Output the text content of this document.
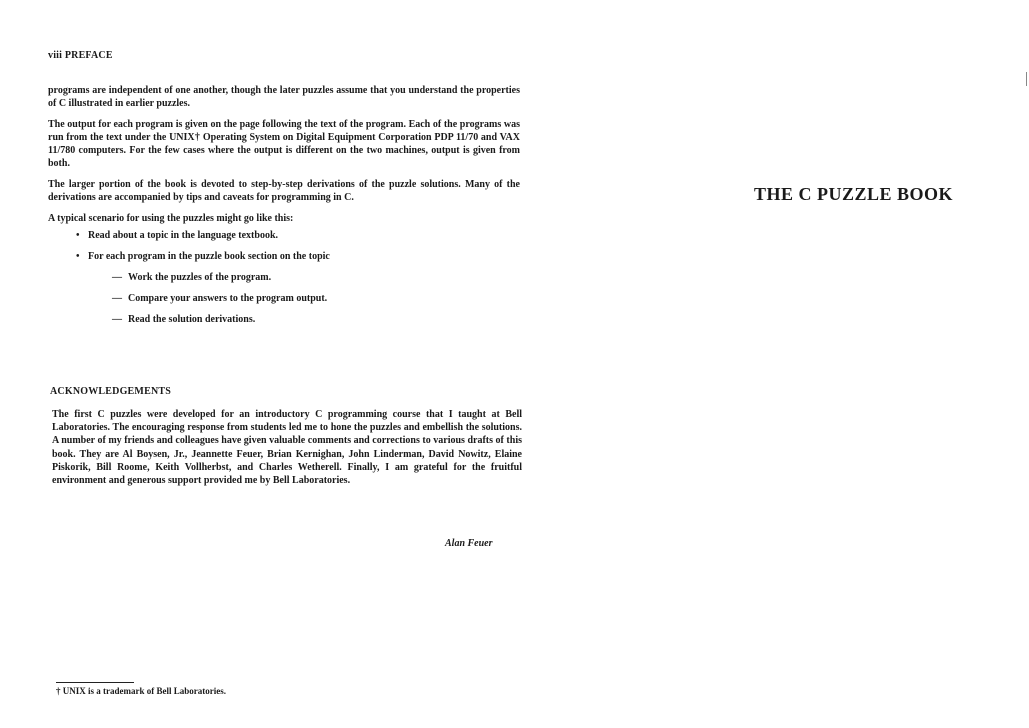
viii PREFACE

programs are independent of one another, though the later puzzles assume that you understand the properties of C illustrated in earlier puzzles.

The output for each program is given on the page following the text of the program. Each of the programs was run from the text under the UNIX† Operating System on Digital Equipment Corporation PDP 11/70 and VAX 11/780 computers. For the few cases where the output is different on the two machines, output is given from both.

The larger portion of the book is devoted to step-by-step derivations of the puzzle solutions. Many of the derivations are accompanied by tips and caveats for programming in C.

A typical scenario for using the puzzles might go like this:

• Read about a topic in the language textbook.
• For each program in the puzzle book section on the topic
— Work the puzzles of the program.
— Compare your answers to the program output.
— Read the solution derivations.
ACKNOWLEDGEMENTS
The first C puzzles were developed for an introductory C programming course that I taught at Bell Laboratories. The encouraging response from students led me to hone the puzzles and embellish the solutions. A number of my friends and colleagues have given valuable comments and corrections to various drafts of this book. They are Al Boysen, Jr., Jeannette Feuer, Brian Kernighan, John Linderman, David Nowitz, Elaine Piskorik, Bill Roome, Keith Vollherbst, and Charles Wetherell. Finally, I am grateful for the fruitful environment and generous support provided me by Bell Laboratories.
Alan Feuer
† UNIX is a trademark of Bell Laboratories.
THE C PUZZLE BOOK
